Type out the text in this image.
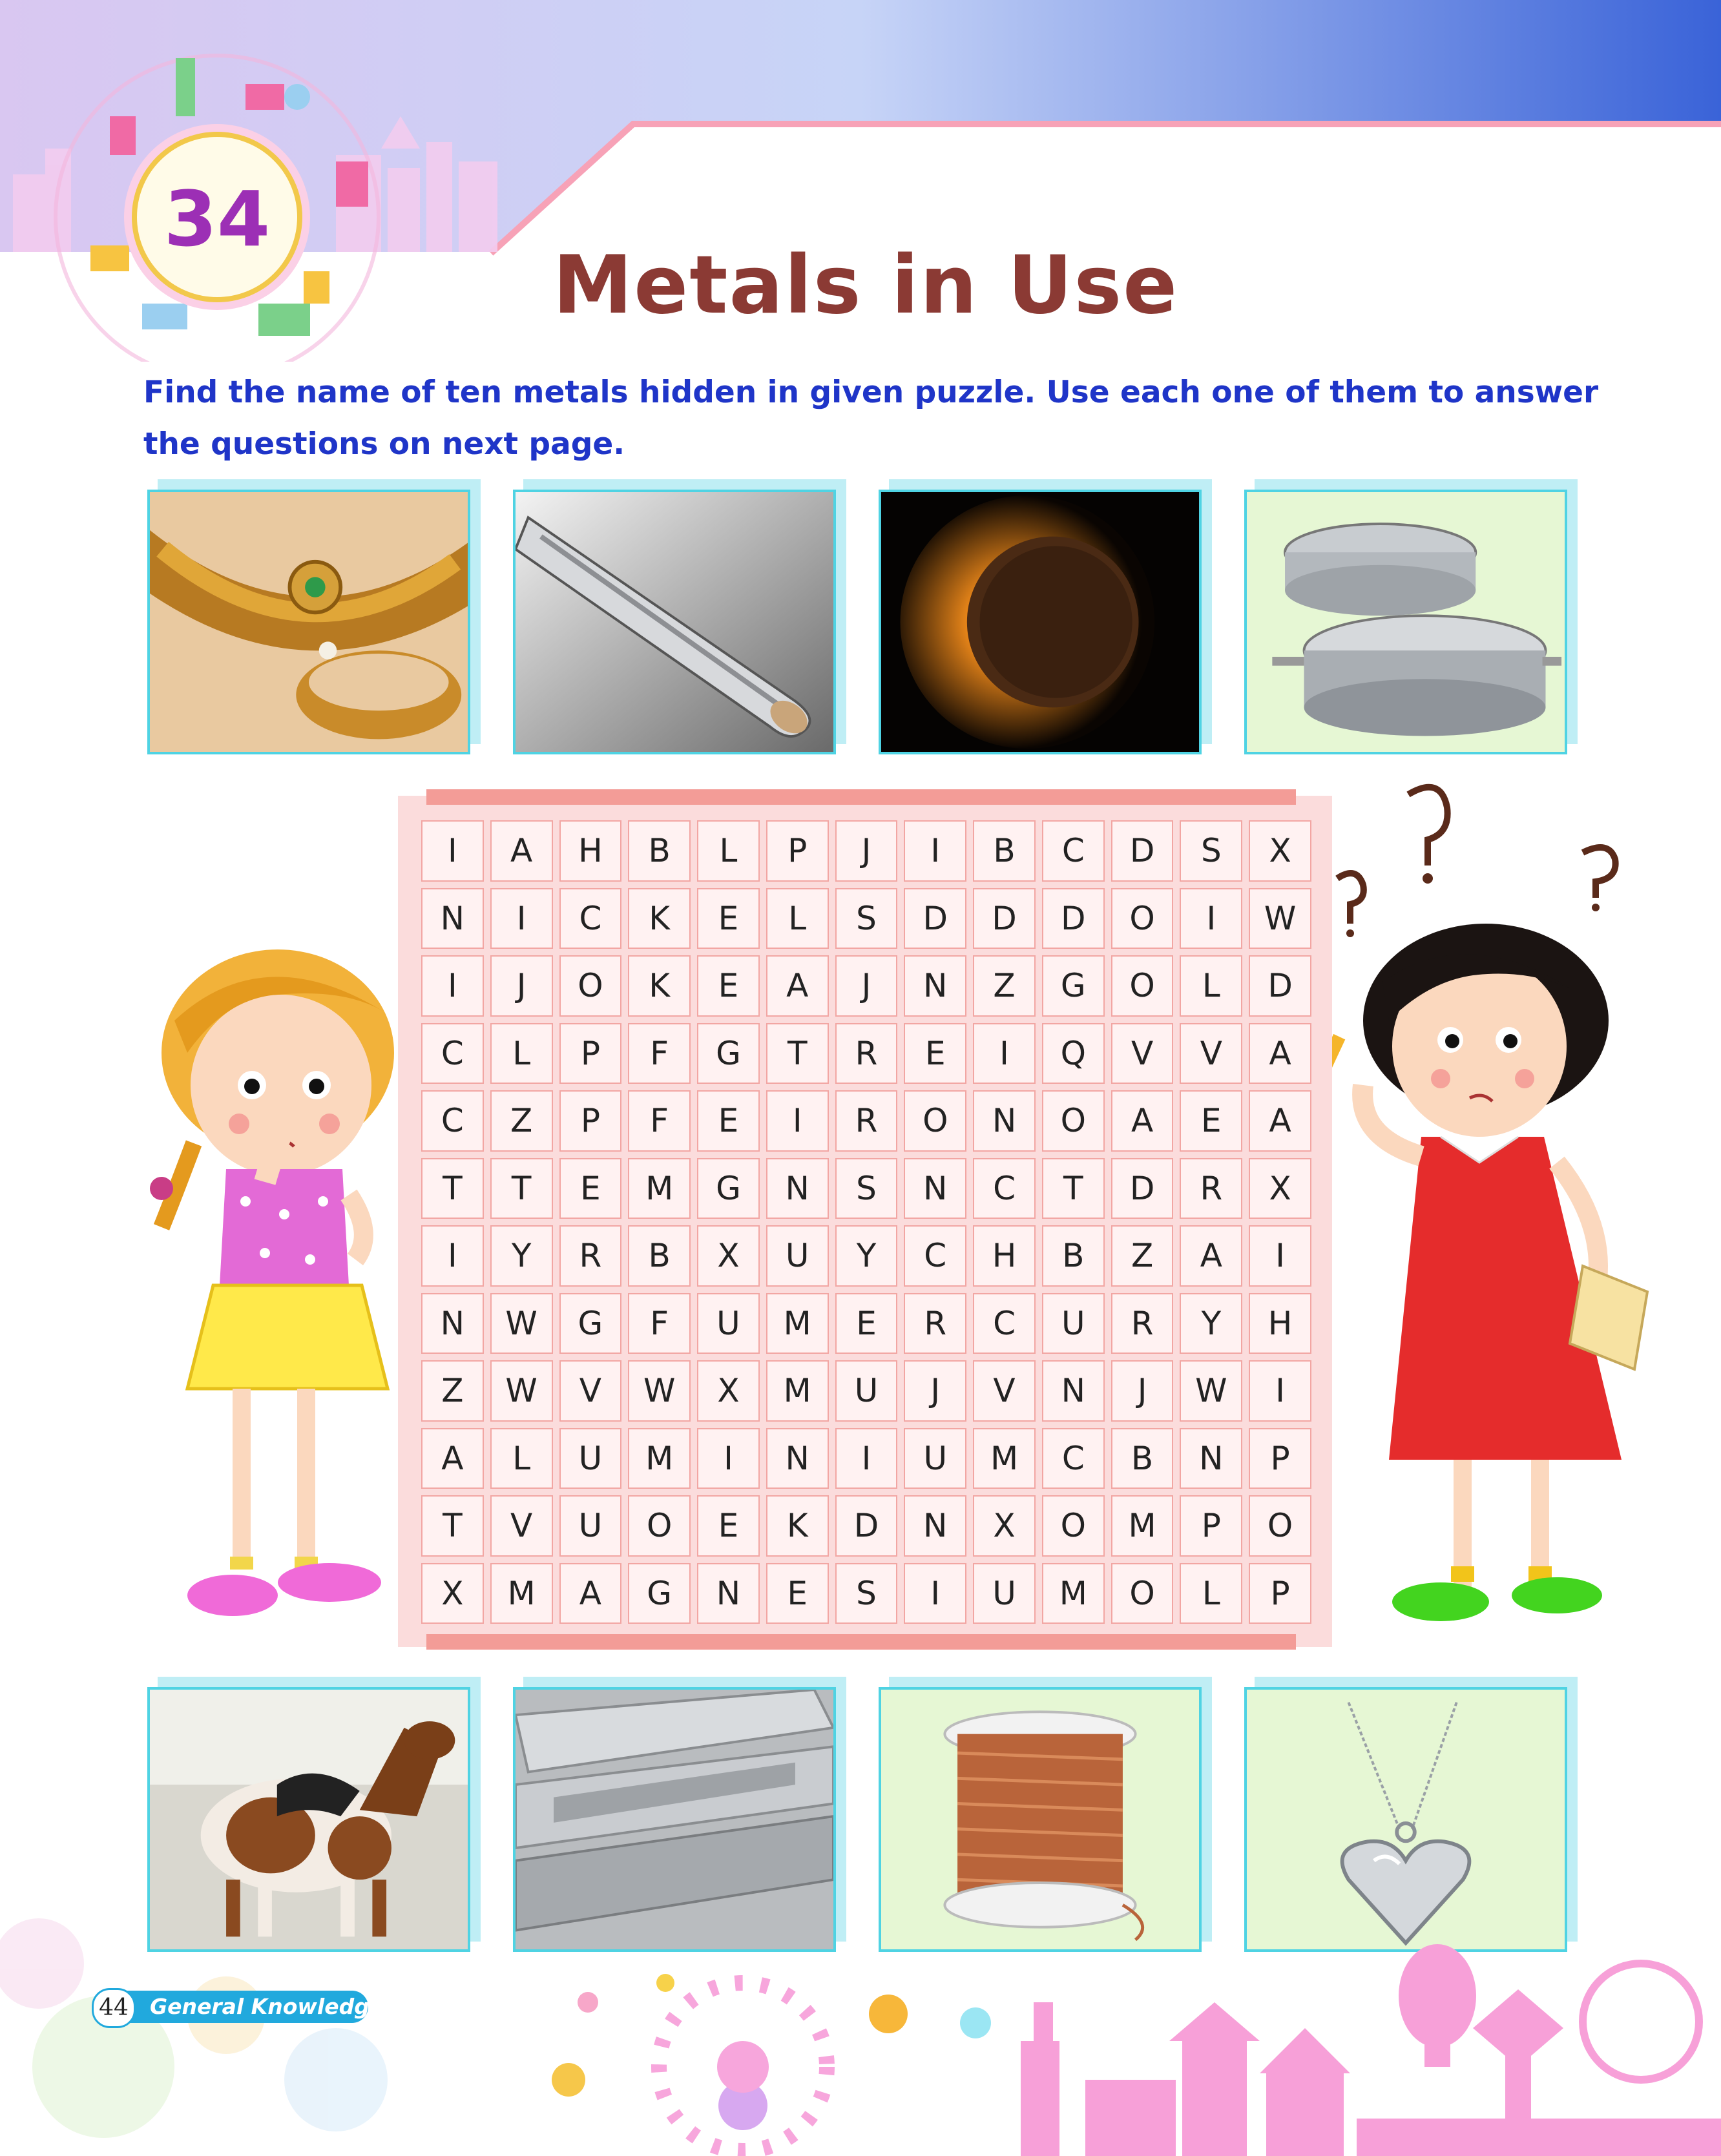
34
Metals in Use
Find the name of ten metals hidden in given puzzle. Use each one of them to answer the questions on next page.
I	A	H	B	L	P	J	I	B	C	D	S	X
N	I	C	K	E	L	S	D	D	D	O	I	W
I	J	O	K	E	A	J	N	Z	G	O	L	D
C	L	P	F	G	T	R	E	I	Q	V	V	A
C	Z	P	F	E	I	R	O	N	O	A	E	A
T	T	E	M	G	N	S	N	C	T	D	R	X
I	Y	R	B	X	U	Y	C	H	B	Z	A	I
N	W	G	F	U	M	E	R	C	U	R	Y	H
Z	W	V	W	X	M	U	J	V	N	J	W	I
A	L	U	M	I	N	I	U	M	C	B	N	P
T	V	U	O	E	K	D	N	X	O	M	P	O
X	M	A	G	N	E	S	I	U	M	O	L	P
44	General Knowledge-6
